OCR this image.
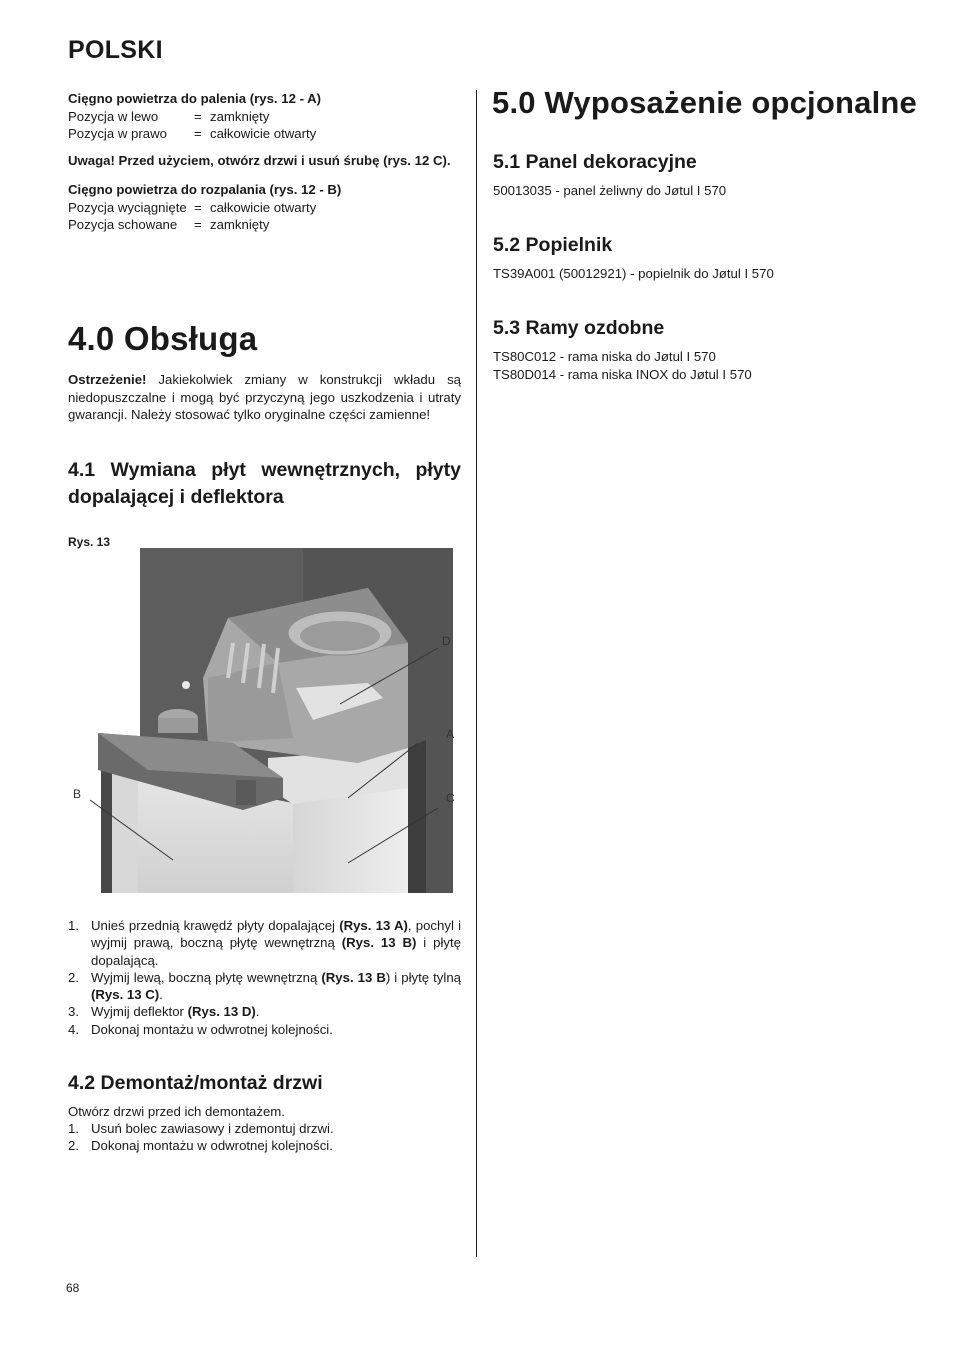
POLSKI
Cięgno powietrza do palenia (rys. 12 - A)
Pozycja w lewo	= zamknięty
Pozycja w prawo	= całkowicie otwarty
Uwaga! Przed użyciem, otwórz drzwi i usuń śrubę (rys. 12 C).
Cięgno powietrza do rozpalania (rys. 12 - B)
Pozycja wyciągnięte = całkowicie otwarty
Pozycja schowane	= zamknięty
4.0 Obsługa
Ostrzeżenie! Jakiekolwiek zmiany w konstrukcji wkładu są niedopuszczalne i mogą być przyczyną jego uszkodzenia i utraty gwarancji. Należy stosować tylko oryginalne części zamienne!
4.1 Wymiana płyt wewnętrznych, płyty dopalającej i deflektora
Rys. 13
D
A
C
B
1. Unieś przednią krawędź płyty dopalającej (Rys. 13 A), pochyl i wyjmij prawą, boczną płytę wewnętrzną (Rys. 13 B) i płytę dopalającą.
2. Wyjmij lewą, boczną płytę wewnętrzną (Rys. 13 B) i płytę tylną (Rys. 13 C).
3. Wyjmij deflektor (Rys. 13 D).
4. Dokonaj montażu w odwrotnej kolejności.
4.2 Demontaż/montaż drzwi
Otwórz drzwi przed ich demontażem.
1. Usuń bolec zawiasowy i zdemontuj drzwi.
2. Dokonaj montażu w odwrotnej kolejności.
5.0 Wyposażenie opcjonalne
5.1 Panel dekoracyjne
50013035 - panel żeliwny do Jøtul I 570
5.2 Popielnik
TS39A001 (50012921) - popielnik do Jøtul I 570
5.3 Ramy ozdobne
TS80C012 - rama niska do Jøtul I 570
TS80D014 - rama niska INOX do Jøtul I 570
68
